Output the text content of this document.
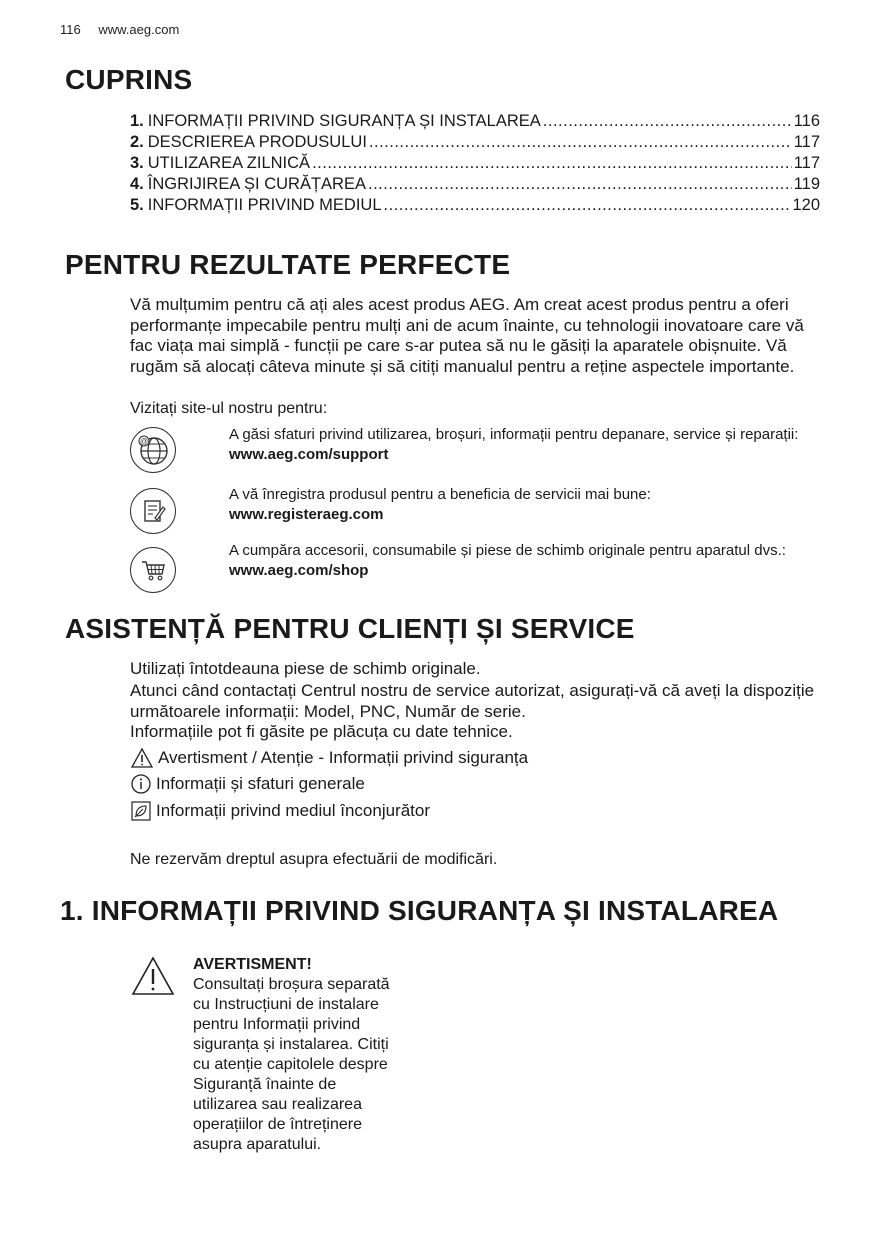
116 www.aeg.com
CUPRINS
1. INFORMAȚII PRIVIND SIGURANȚA ȘI INSTALAREA .....	116
2. DESCRIEREA PRODUSULUI .....	117
3. UTILIZAREA ZILNICĂ .....	117
4. ÎNGRIJIREA ȘI CURĂȚAREA .....	119
5. INFORMAȚII PRIVIND MEDIUL .....	120
PENTRU REZULTATE PERFECTE

Vă mulțumim pentru că ați ales acest produs AEG. Am creat acest produs pentru a oferi performanțe impecabile pentru mulți ani de acum înainte, cu tehnologii inovatoare care vă fac viața mai simplă - funcții pe care s-ar putea să nu le găsiți la aparatele obișnuite. Vă rugăm să alocați câteva minute și să citiți manualul pentru a reține aspectele importante.

Vizitați site-ul nostru pentru:

@	A găsi sfaturi privind utilizarea, broșuri, informații pentru depanare, service și reparații:
www.aeg.com/support
A vă înregistra produsul pentru a beneficia de servicii mai bune:
www.registeraeg.com
A cumpăra accesorii, consumabile și piese de schimb originale pentru aparatul dvs.:
www.aeg.com/shop
ASISTENȚĂ PENTRU CLIENȚI ȘI SERVICE

Utilizați întotdeauna piese de schimb originale.

Atunci când contactați Centrul nostru de service autorizat, asigurați-vă că aveți la dispoziție următoarele informații: Model, PNC, Număr de serie.

Informațiile pot fi găsite pe plăcuța cu date tehnice.

Avertisment / Atenție - Informații privind siguranța
Informații și sfaturi generale
Informații privind mediul înconjurător

Ne rezervăm dreptul asupra efectuării de modificări.

1. INFORMAȚII PRIVIND SIGURANȚA ȘI INSTALAREA
AVERTISMENT!
Consultați broșura separată
cu Instrucțiuni de instalare
pentru Informații privind
siguranța și instalarea. Citiți
cu atenție capitolele despre
Siguranță înainte de
utilizarea sau realizarea
operațiilor de întreținere
asupra aparatului.
